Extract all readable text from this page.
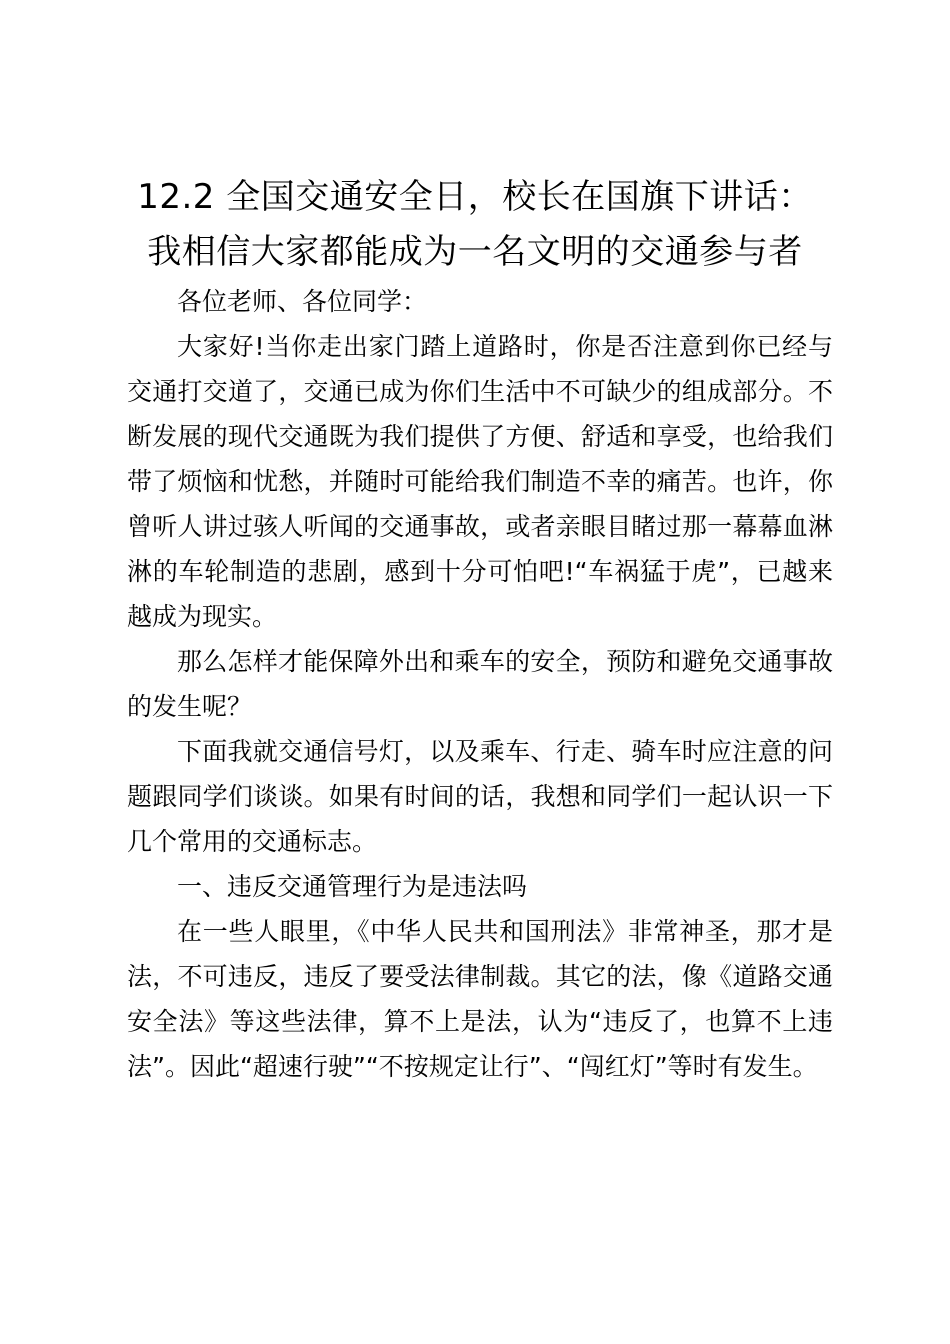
12.2 全国交通安全日，校长在国旗下讲话：

我相信大家都能成为一名文明的交通参与者

各位老师、各位同学：

大家好!当你走出家门踏上道路时，你是否注意到你已经与交通打交道了，交通已成为你们生活中不可缺少的组成部分。不断发展的现代交通既为我们提供了方便、舒适和享受，也给我们带了烦恼和忧愁，并随时可能给我们制造不幸的痛苦。也许，你曾听人讲过骇人听闻的交通事故，或者亲眼目睹过那一幕幕血淋淋的车轮制造的悲剧，感到十分可怕吧!“车祸猛于虎”，已越来越成为现实。

那么怎样才能保障外出和乘车的安全，预防和避免交通事故的发生呢？

下面我就交通信号灯，以及乘车、行走、骑车时应注意的问题跟同学们谈谈。如果有时间的话，我想和同学们一起认识一下几个常用的交通标志。

一、违反交通管理行为是违法吗

在一些人眼里，《中华人民共和国刑法》非常神圣，那才是法，不可违反，违反了要受法律制裁。其它的法，像《道路交通安全法》等这些法律，算不上是法，认为“违反了，也算不上违法”。因此“超速行驶”“不按规定让行”、“闯红灯”等时有发生。
